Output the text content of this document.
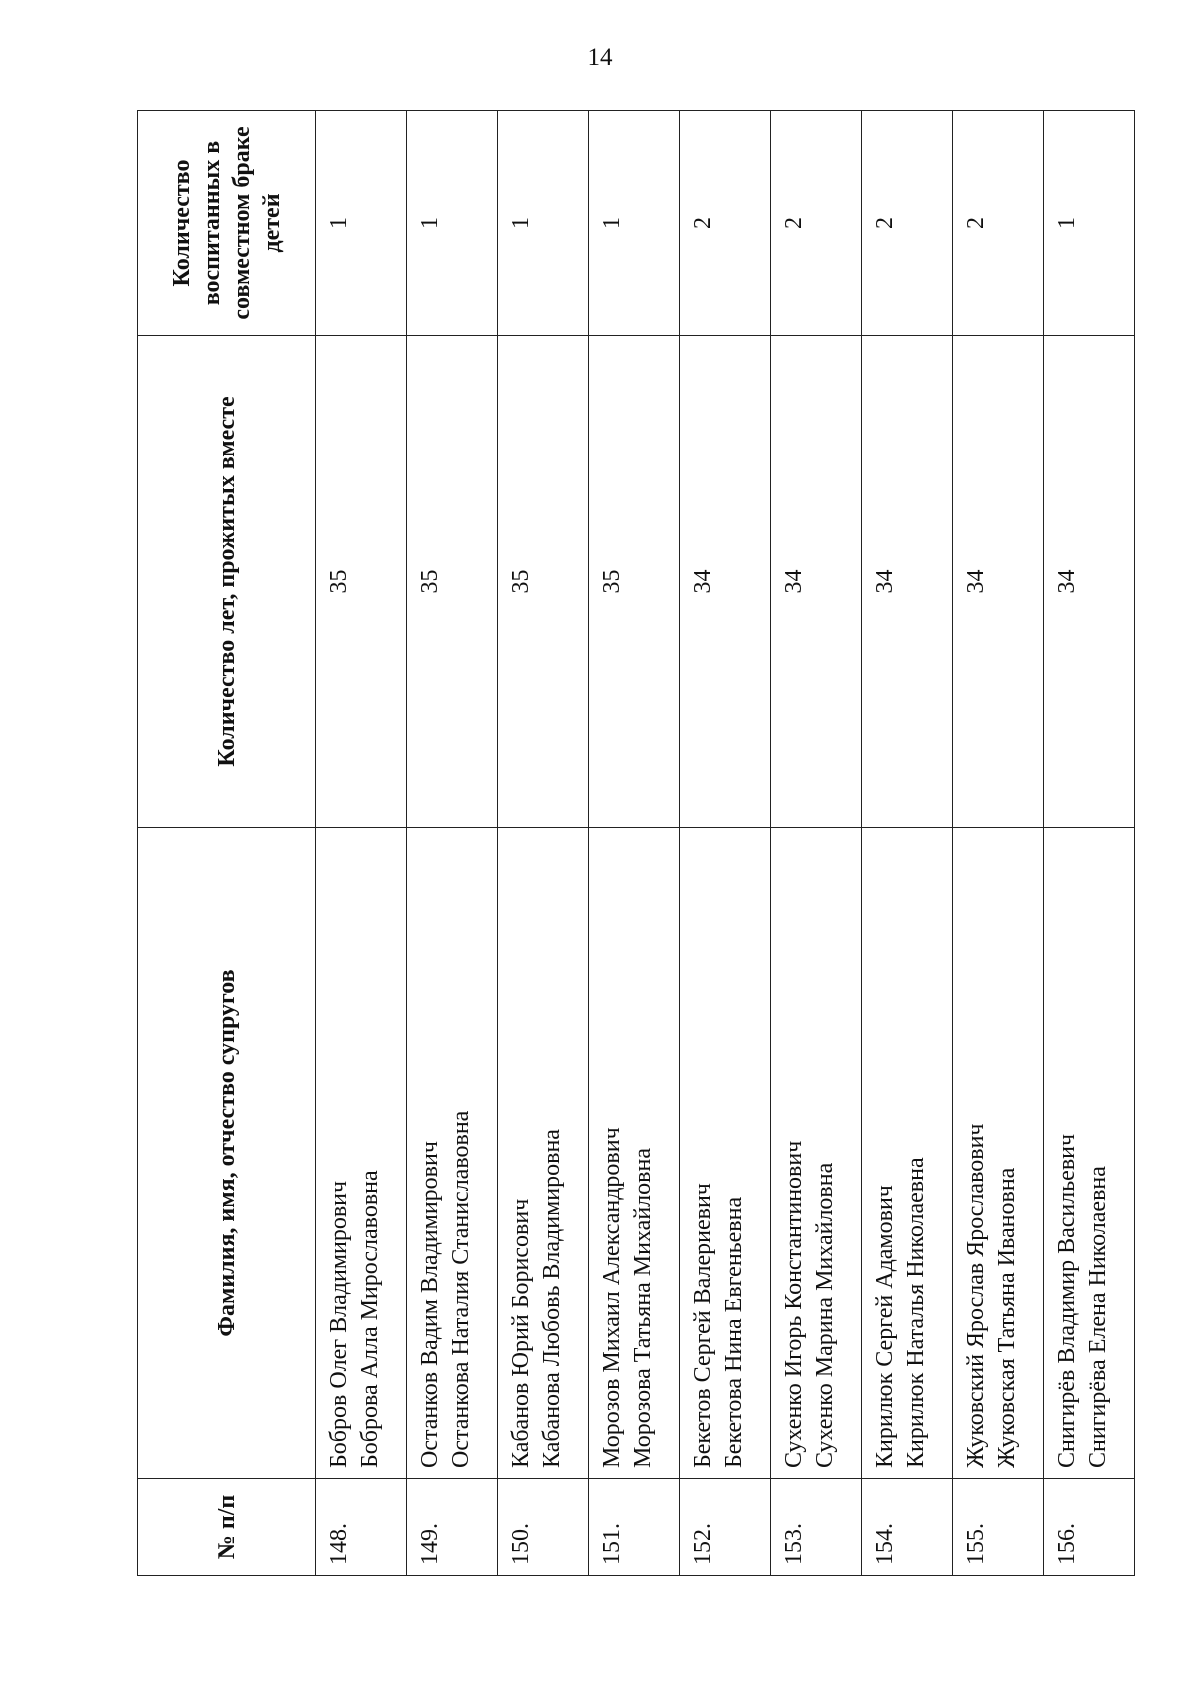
14
№ п/п	Фамилия, имя, отчество супругов	Количество лет, прожитых вместе	Количество воспитанных в совместном браке детей
148.	Бобров Олег Владимирович Боброва Алла Мирославовна	35	1
149.	Останков Вадим Владимирович Останкова Наталия Станиславовна	35	1
150.	Кабанов Юрий Борисович Кабанова Любовь Владимировна	35	1
151.	Морозов Михаил Александрович Морозова Татьяна Михайловна	35	1
152.	Бекетов Сергей Валериевич Бекетова Нина Евгеньевна	34	2
153.	Сухенко Игорь Константинович Сухенко Марина Михайловна	34	2
154.	Кирилюк Сергей Адамович Кирилюк Наталья Николаевна	34	2
155.	Жуковский Ярослав Ярославович Жуковская Татьяна Ивановна	34	2
156.	Снигирёв Владимир Васильевич Снигирёва Елена Николаевна	34	1
